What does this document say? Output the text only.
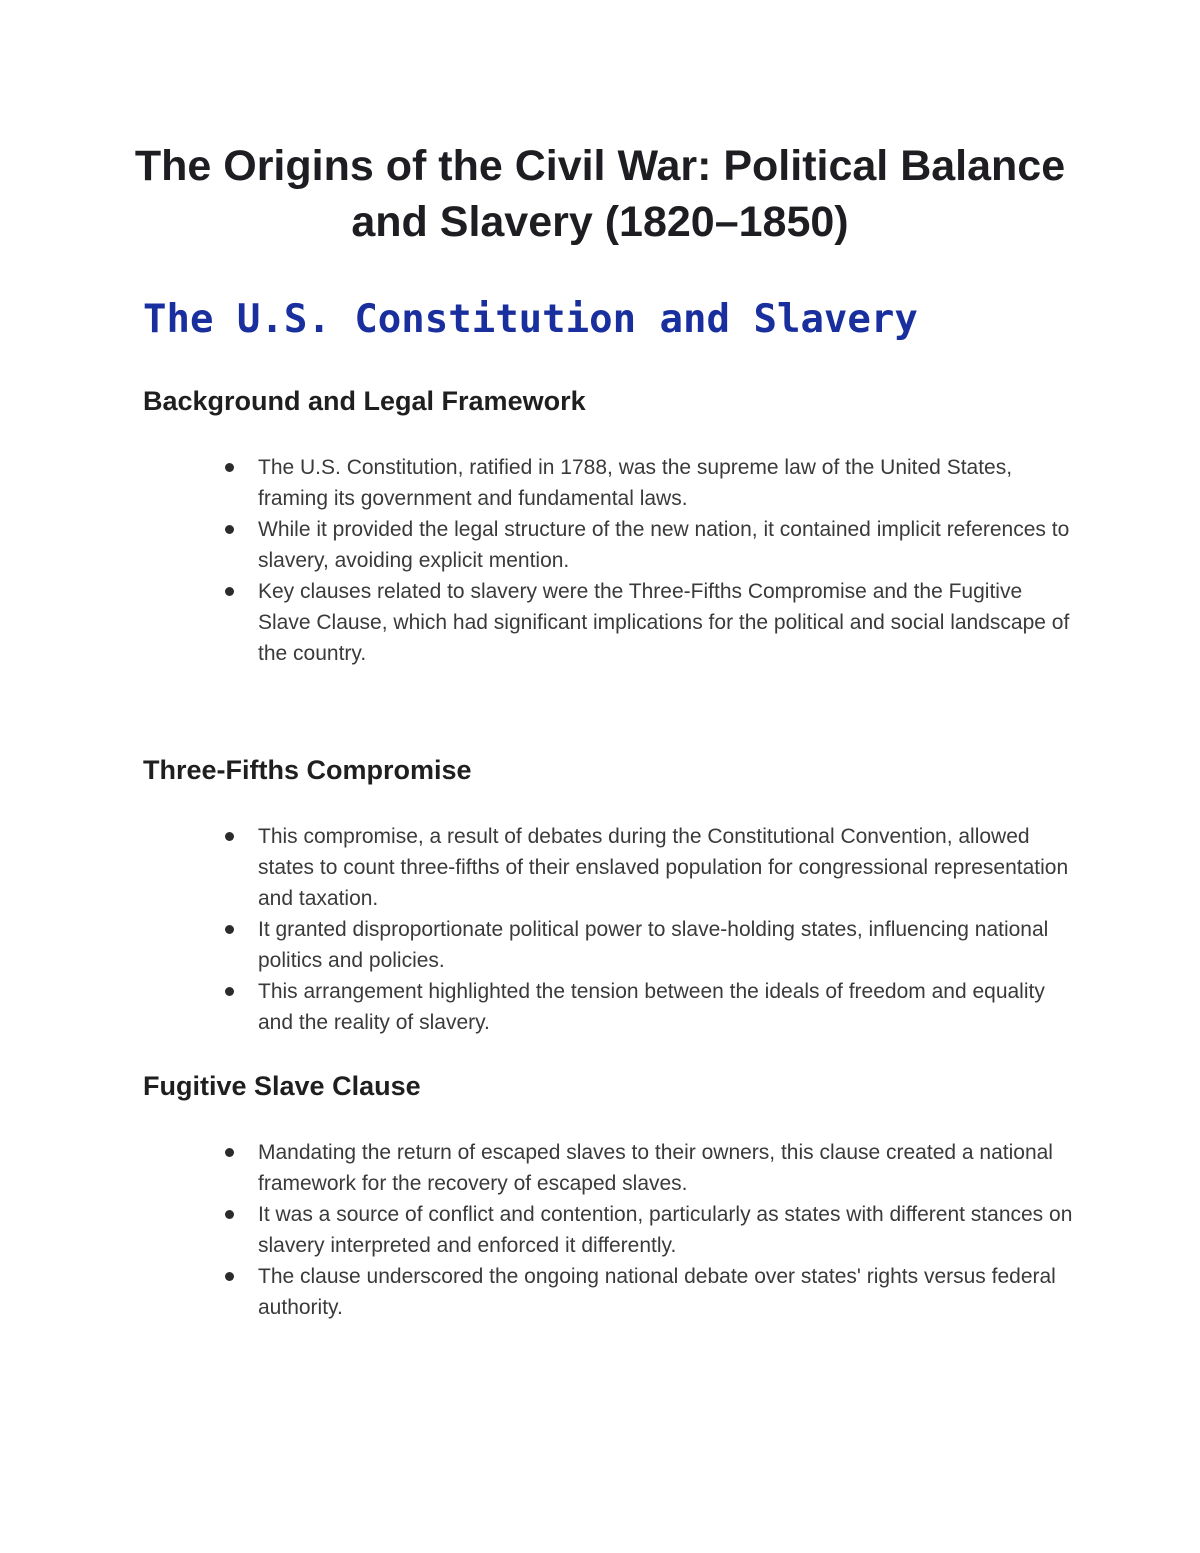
The Origins of the Civil War: Political Balance and Slavery (1820–1850)
The U.S. Constitution and Slavery
Background and Legal Framework
The U.S. Constitution, ratified in 1788, was the supreme law of the United States, framing its government and fundamental laws.
While it provided the legal structure of the new nation, it contained implicit references to slavery, avoiding explicit mention.
Key clauses related to slavery were the Three-Fifths Compromise and the Fugitive Slave Clause, which had significant implications for the political and social landscape of the country.
Three-Fifths Compromise
This compromise, a result of debates during the Constitutional Convention, allowed states to count three-fifths of their enslaved population for congressional representation and taxation.
It granted disproportionate political power to slave-holding states, influencing national politics and policies.
This arrangement highlighted the tension between the ideals of freedom and equality and the reality of slavery.
Fugitive Slave Clause
Mandating the return of escaped slaves to their owners, this clause created a national framework for the recovery of escaped slaves.
It was a source of conflict and contention, particularly as states with different stances on slavery interpreted and enforced it differently.
The clause underscored the ongoing national debate over states' rights versus federal authority.
